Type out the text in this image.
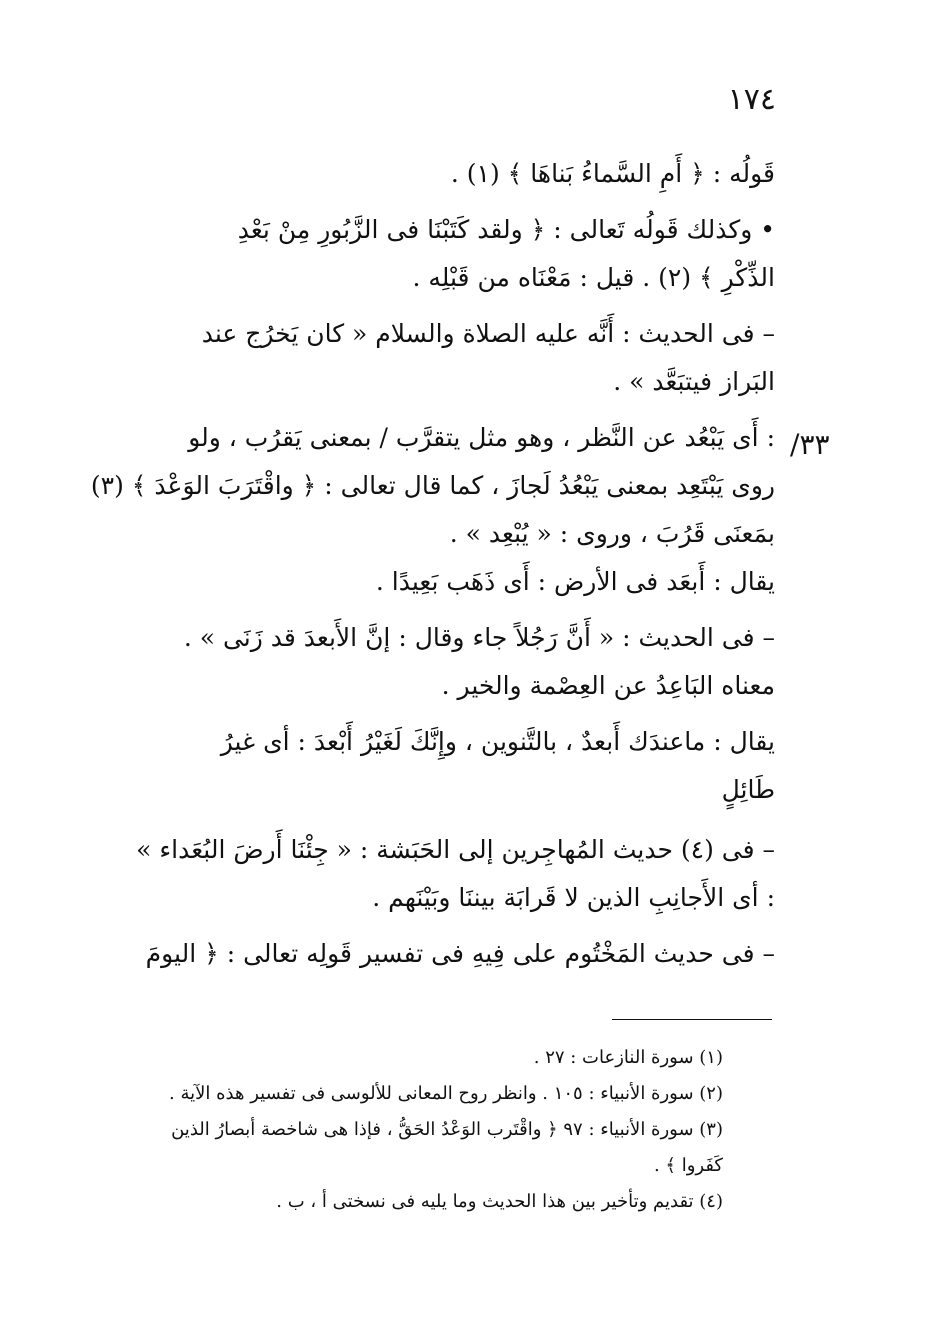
١٧٤
٣٣/
قَولُه : ﴿ أَمِ السَّماءُ بَناهَا ﴾ (١) .
• وكذلك قَولُه تَعالى : ﴿ ولقد كَتَبْنَا فى الزَّبُورِ مِنْ بَعْدِ
الذِّكْرِ ﴾ (٢) . قيل : مَعْنَاه من قَبْلِه .
– فى الحديث : أَنَّه عليه الصلاة والسلام « كان يَخرُج عند
البَراز فيتبَعَّد » .
: أَى يَبْعُد عن النَّظر ، وهو مثل يتقرَّب / بمعنى يَقرُب ، ولو
روى يَبْتَعِد بمعنى يَبْعُدُ لَجازَ ، كما قال تعالى : ﴿ واقْتَرَبَ الوَعْدَ ﴾ (٣)
بمَعنَى قَرُبَ ، وروى : « يُبْعِد » .
يقال : أَبعَد فى الأرض : أَى ذَهَب بَعِيدًا .
– فى الحديث : « أَنَّ رَجُلاً جاء وقال : إنَّ الأَبعدَ قد زَنَى » .
معناه البَاعِدُ عن العِصْمة والخير .
يقال : ماعندَك أَبعدٌ ، بالتَّنوين ، وإِنَّكَ لَغَيْرُ أَبْعدَ : أى غيرُ
طَائِلٍ
– فى (٤) حديث المُهاجِرين إلى الحَبَشة : « جِئْنَا أَرضَ البُعَداء »
: أى الأَجانِبِ الذين لا قَرابَة بيننَا وبَيْنَهم .
– فى حديث المَخْتُوم على فِيهِ فى تفسير قَولِه تعالى : ﴿ اليومَ
(١) سورة النازعات : ٢٧ .
(٢) سورة الأنبياء : ١٠٥ . وانظر روح المعانى للألوسى فى تفسير هذه الآية .
(٣) سورة الأنبياء : ٩٧ ﴿ واقْتَرب الوَعْدُ الحَقُّ ، فإذا هى شاخصة أبصارُ الذين
كَفَروا ﴾ .
(٤) تقديم وتأخير بين هذا الحديث وما يليه فى نسختى أ ، ب .
